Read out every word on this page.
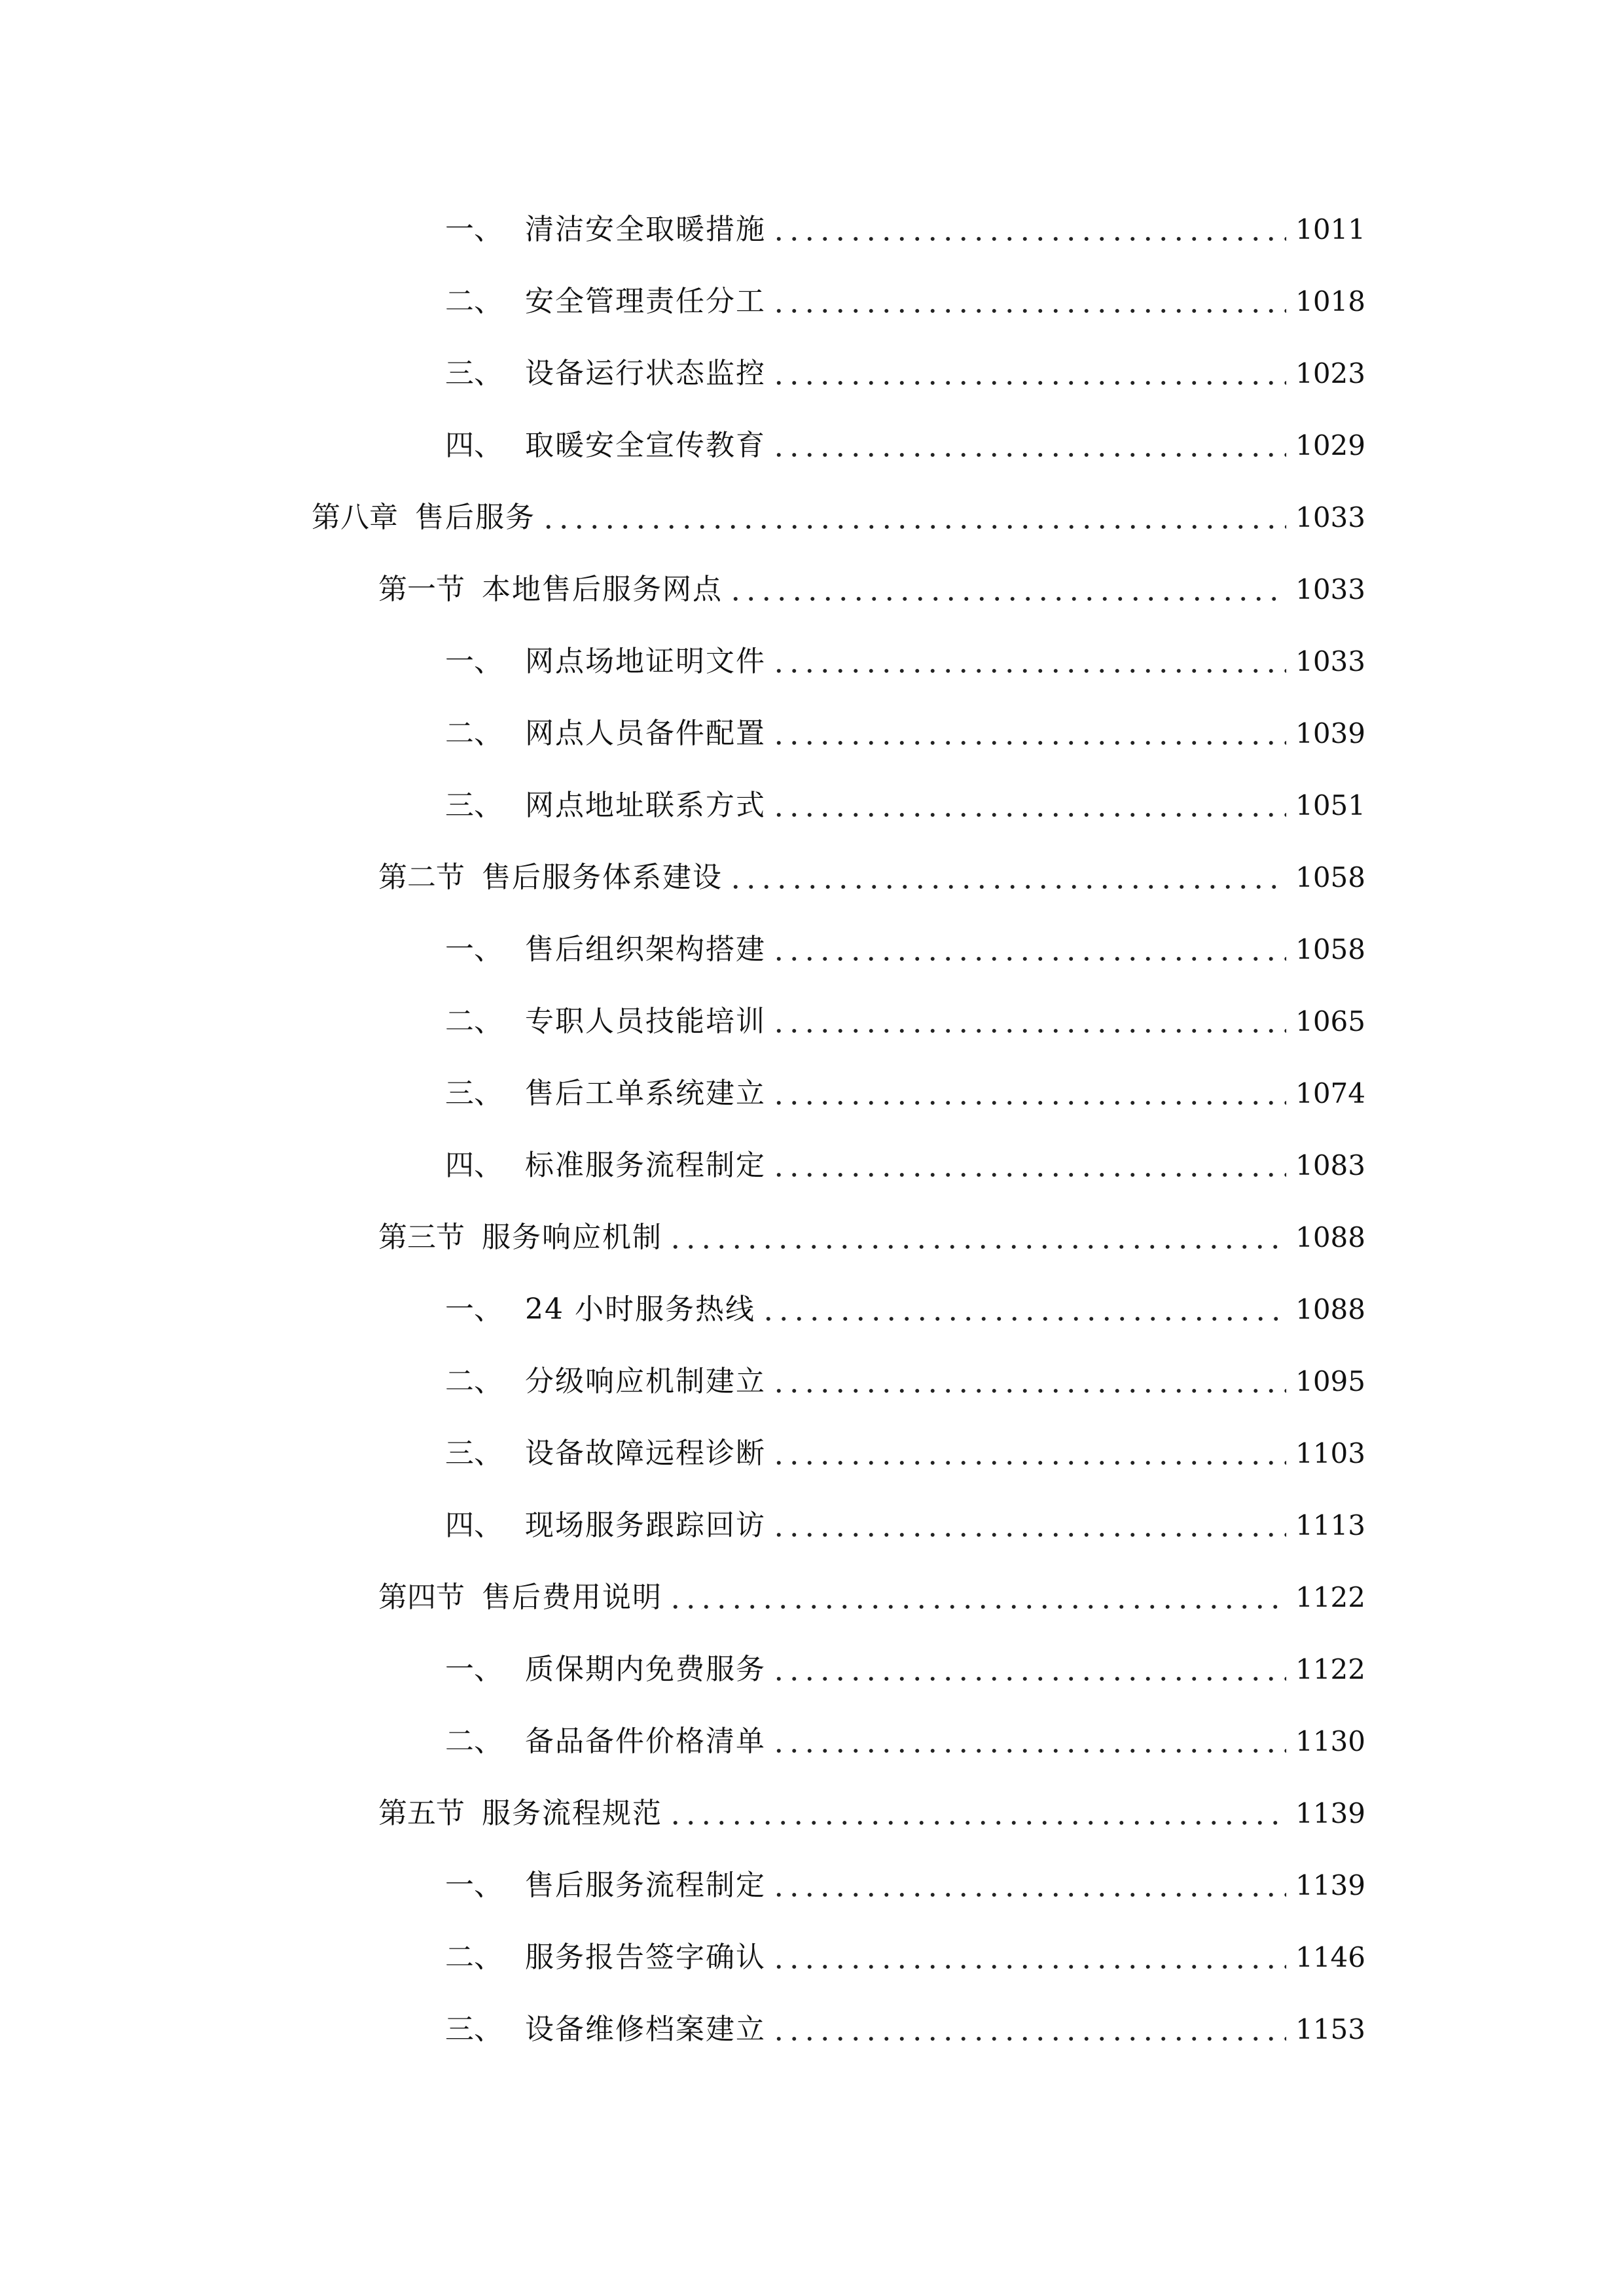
一、 清洁安全取暖措施	1011
二、 安全管理责任分工	1018
三、 设备运行状态监控	1023
四、 取暖安全宣传教育	1029
第八章 售后服务	1033
第一节 本地售后服务网点	1033
一、 网点场地证明文件	1033
二、 网点人员备件配置	1039
三、 网点地址联系方式	1051
第二节 售后服务体系建设	1058
一、 售后组织架构搭建	1058
二、 专职人员技能培训	1065
三、 售后工单系统建立	1074
四、 标准服务流程制定	1083
第三节 服务响应机制	1088
一、 24 小时服务热线	1088
二、 分级响应机制建立	1095
三、 设备故障远程诊断	1103
四、 现场服务跟踪回访	1113
第四节 售后费用说明	1122
一、 质保期内免费服务	1122
二、 备品备件价格清单	1130
第五节 服务流程规范	1139
一、 售后服务流程制定	1139
二、 服务报告签字确认	1146
三、 设备维修档案建立	1153
